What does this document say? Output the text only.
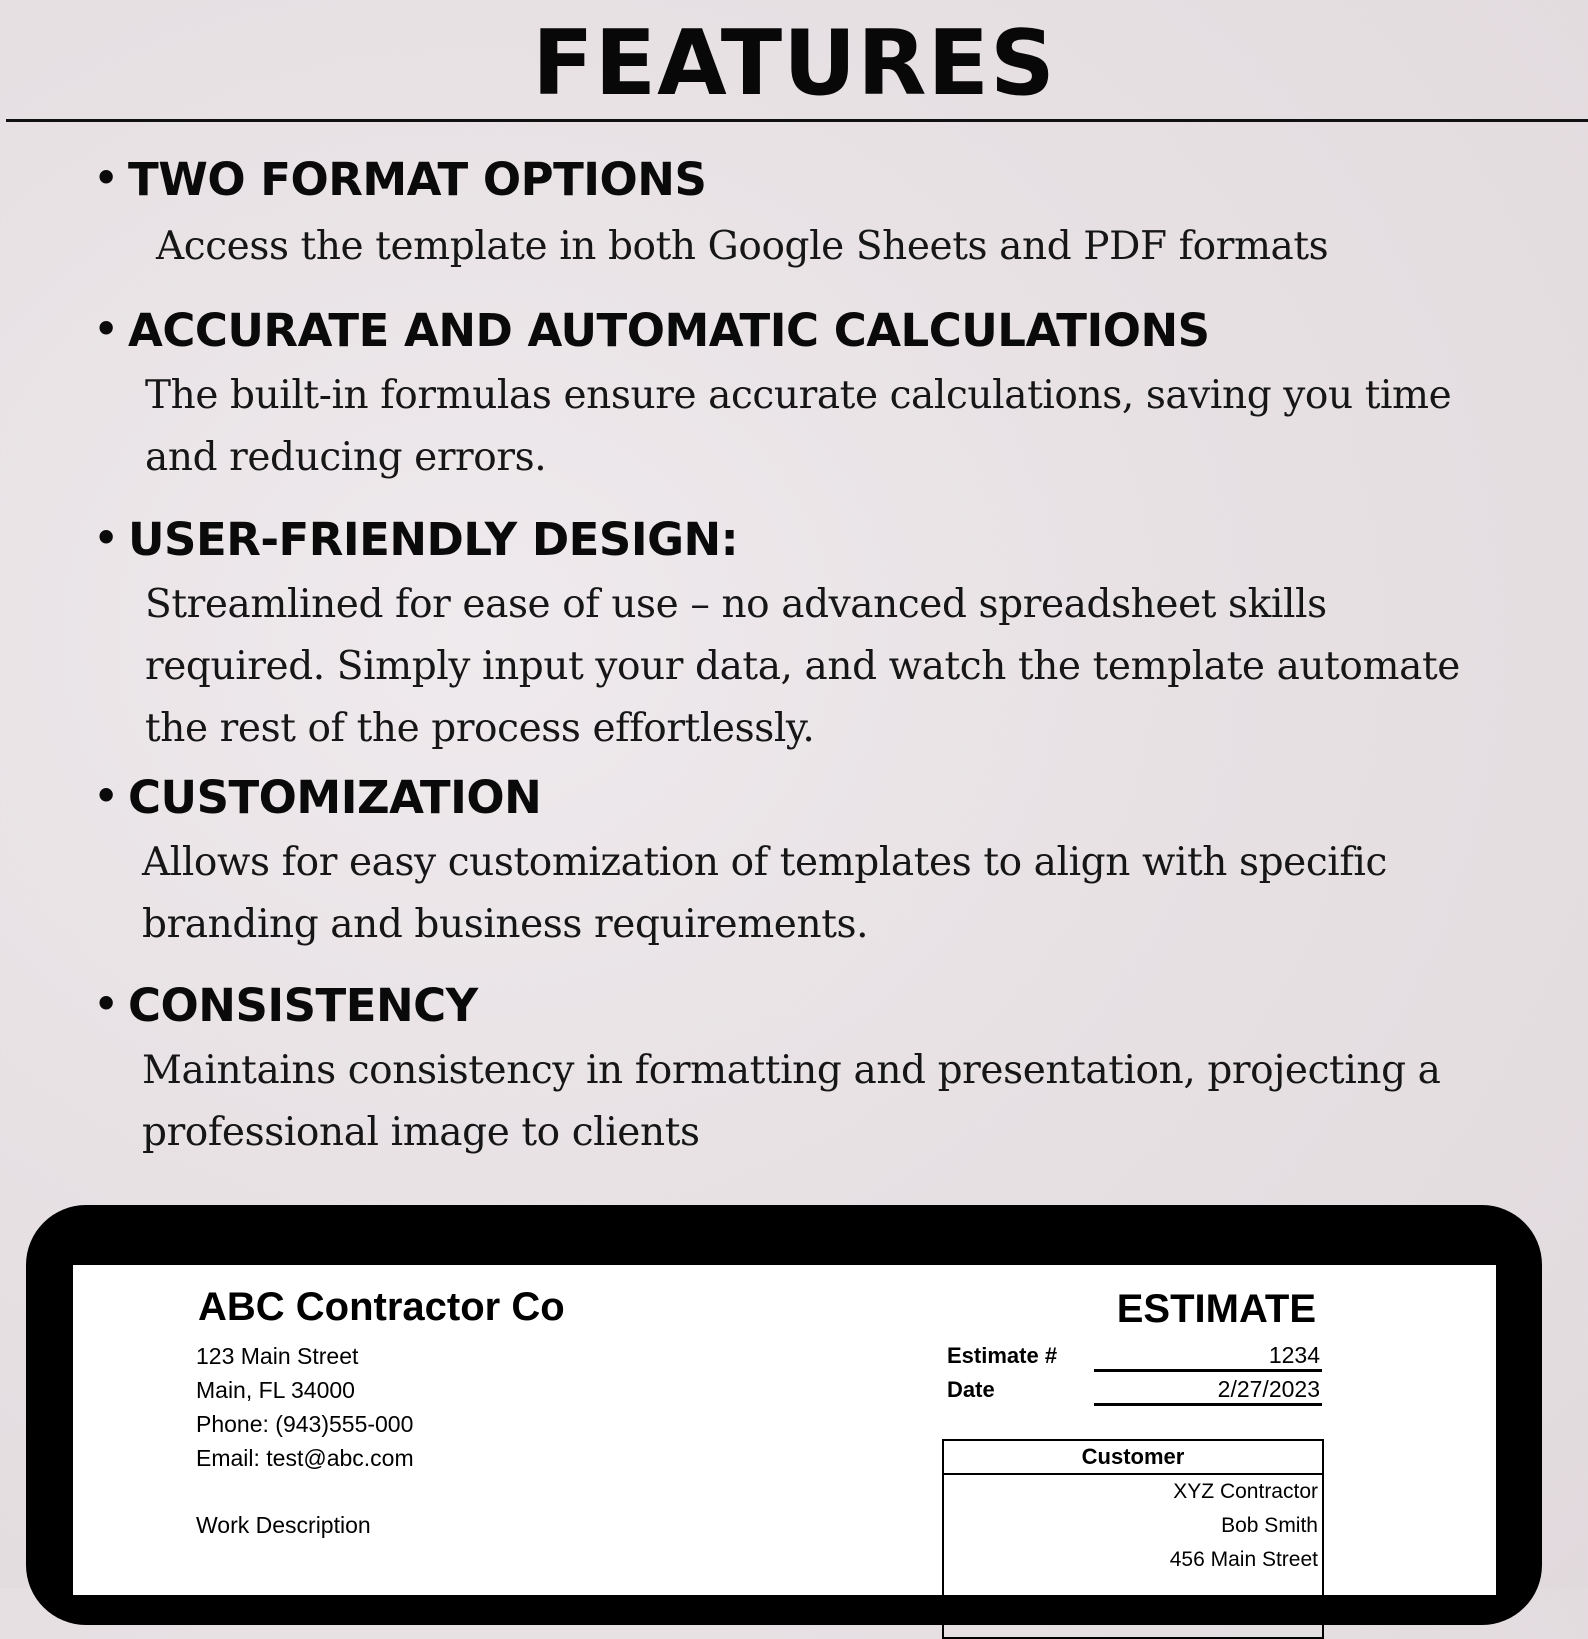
FEATURES
• TWO FORMAT OPTIONS
Access the template in both Google Sheets and PDF formats
• ACCURATE AND AUTOMATIC CALCULATIONS
The built-in formulas ensure accurate calculations, saving you time and reducing errors.
• USER-FRIENDLY DESIGN:
Streamlined for ease of use – no advanced spreadsheet skills required. Simply input your data, and watch the template automate the rest of the process effortlessly.
• CUSTOMIZATION
Allows for easy customization of templates to align with specific branding and business requirements.
• CONSISTENCY
Maintains consistency in formatting and presentation, projecting a professional image to clients
ABC Contractor Co
123 Main Street
Main, FL 34000
Phone: (943)555-000
Email: test@abc.com
Work Description
ESTIMATE
Estimate #	1234
Date	2/27/2023
Customer
XYZ Contractor
Bob Smith
456 Main Street
